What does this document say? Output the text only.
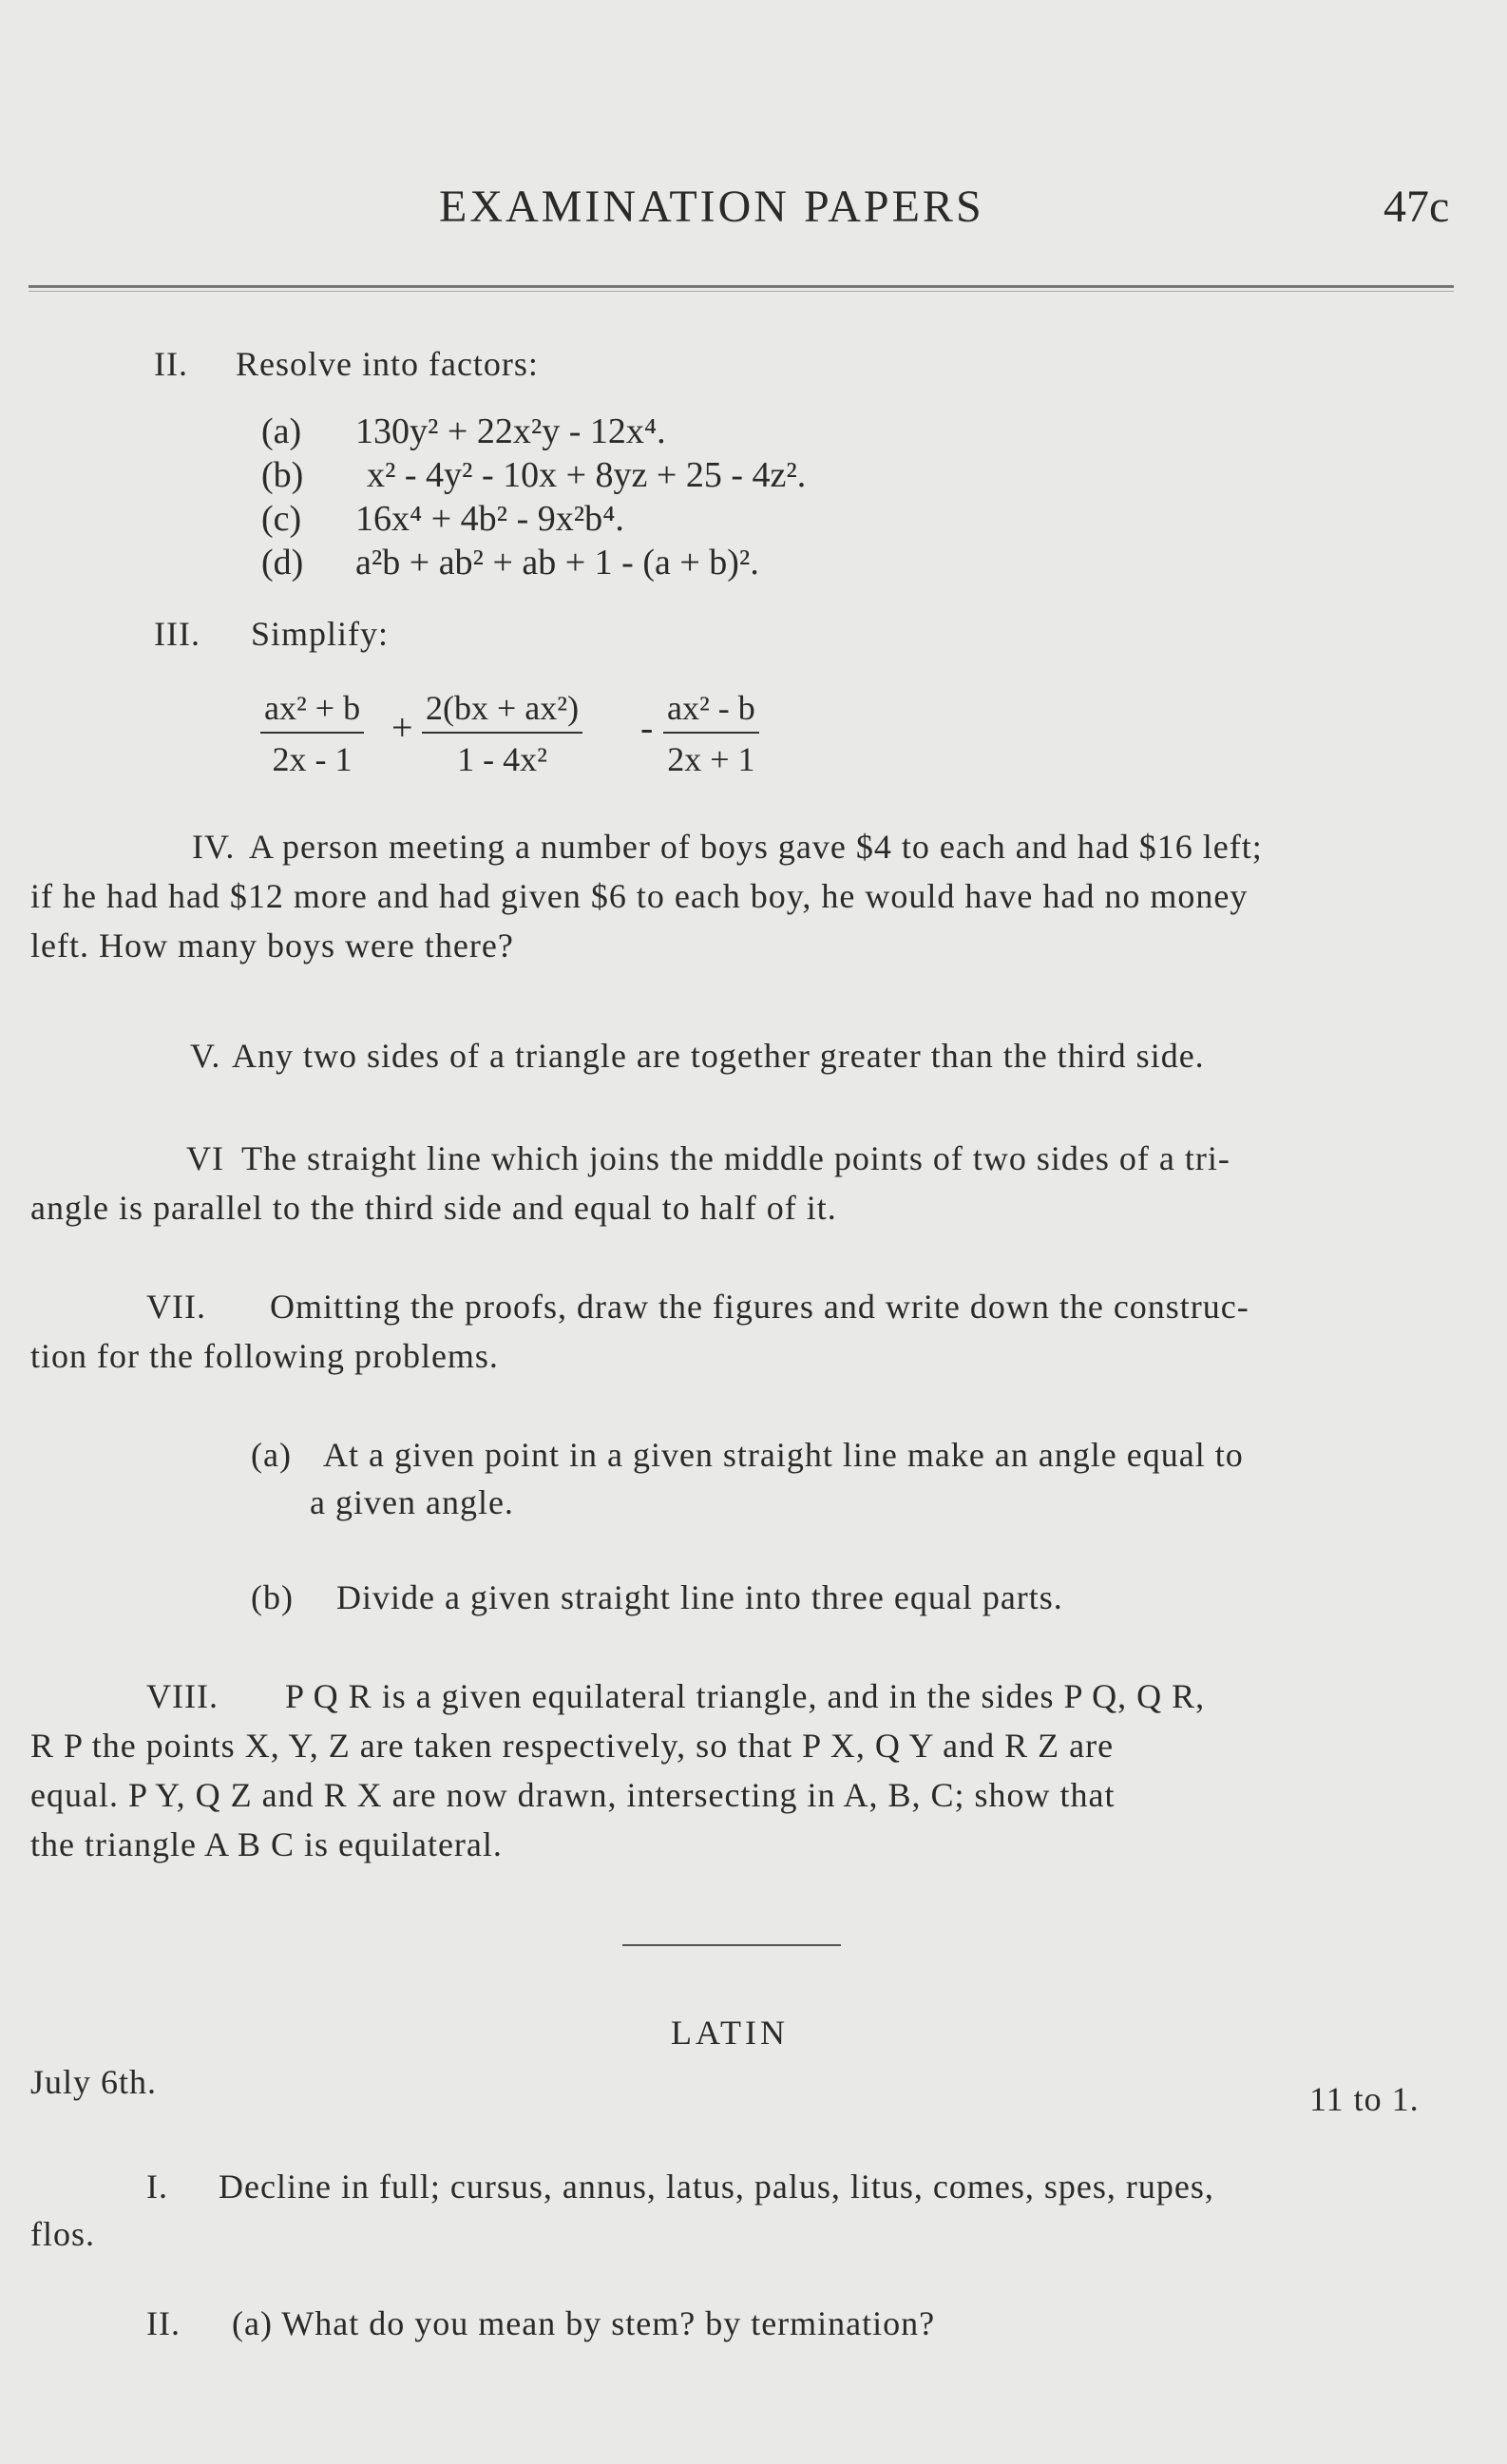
EXAMINATION PAPERS	47c
II. Resolve into factors:
(a) 130y² + 22x²y - 12x⁴.
(b) x² - 4y² - 10x + 8yz + 25 - 4z².
(c) 16x⁴ + 4b² - 9x²b⁴.
(d) a²b + ab² + ab + 1 - (a + b)².
III. Simplify:
$\frac{\text{ax² + b}}{2x - 1} + \frac{\text{2(bx + ax²)}}{\text{1 - 4x²}} - \frac{\text{ax² - b}}{2x + 1}$
IV. A person meeting a number of boys gave $4 to each and had $16 left;
if he had had $12 more and had given $6 to each boy, he would have had no money
left. How many boys were there?
V. Any two sides of a triangle are together greater than the third side.
VI The straight line which joins the middle points of two sides of a tri-
angle is parallel to the third side and equal to half of it.
VII. Omitting the proofs, draw the figures and write down the construc-
tion for the following problems.
(a) At a given point in a given straight line make an angle equal to
a given angle.
(b) Divide a given straight line into three equal parts.
VIII. P Q R is a given equilateral triangle, and in the sides P Q, Q R,
R P the points X, Y, Z are taken respectively, so that P X, Q Y and R Z are
equal. P Y, Q Z and R X are now drawn, intersecting in A, B, C; show that
the triangle A B C is equilateral.
LATIN
July 6th.	11 to 1.
I. Decline in full; cursus, annus, latus, palus, litus, comes, spes, rupes,
flos.
II. (a) What do you mean by stem? by termination?
